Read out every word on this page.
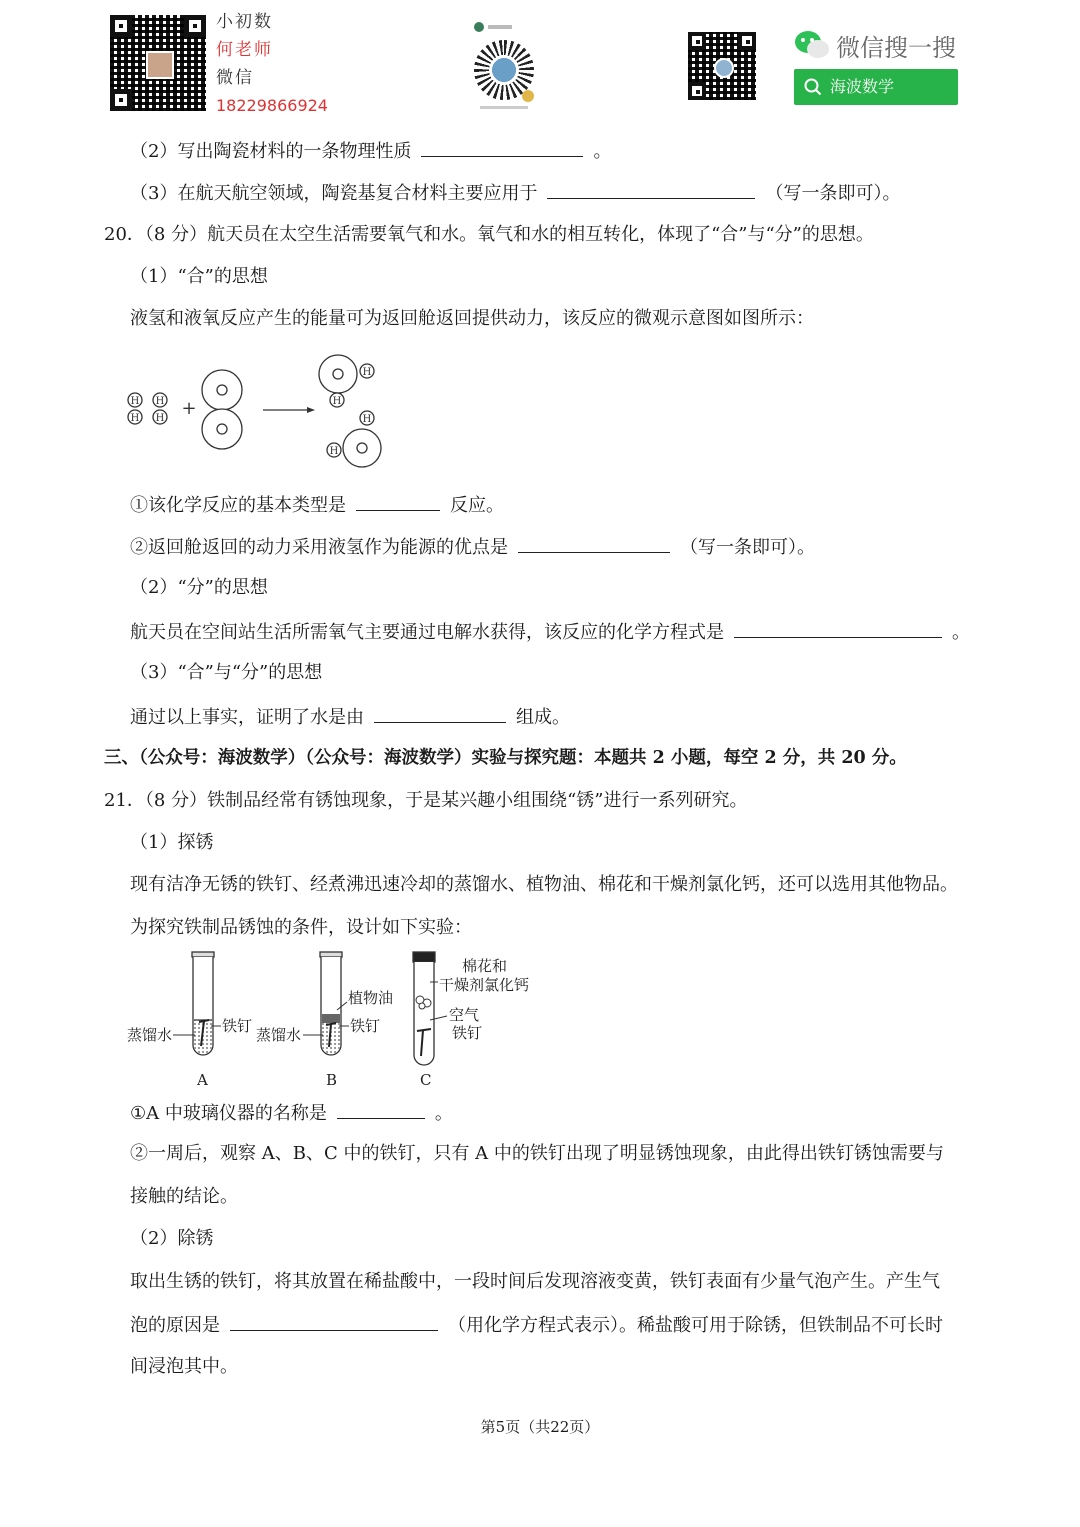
小初数
何老师
微信
18229866924
微信搜一搜
海波数学
（2）写出陶瓷材料的一条物理性质	。
（3）在航天航空领域，陶瓷基复合材料主要应用于	（写一条即可）。
20．（8 分）航天员在太空生活需要氧气和水。氧气和水的相互转化，体现了“合”与“分”的思想。
（1）“合”的思想
液氢和液氧反应产生的能量可为返回舱返回提供动力，该反应的微观示意图如图所示：
H H
H H +
H
H
H
H
①该化学反应的基本类型是	反应。
②返回舱返回的动力采用液氢作为能源的优点是	（写一条即可）。
（2）“分”的思想
航天员在空间站生活所需氧气主要通过电解水获得，该反应的化学方程式是	。
（3）“合”与“分”的思想
通过以上事实，证明了水是由	组成。
三、（公众号：海波数学）（公众号：海波数学）实验与探究题：本题共 2 小题，每空 2 分，共 20 分。
21．（8 分）铁制品经常有锈蚀现象，于是某兴趣小组围绕“锈”进行一系列研究。
（1）探锈
现有洁净无锈的铁钉、经煮沸迅速冷却的蒸馏水、植物油、棉花和干燥剂氯化钙，还可以选用其他物品。
为探究铁制品锈蚀的条件，设计如下实验：
蒸馏水	铁钉
植物油
蒸馏水	铁钉
棉花和
干燥剂氯化钙
空气
铁钉
A	B	C
①A 中玻璃仪器的名称是	。
②一周后，观察 A、B、C 中的铁钉，只有 A 中的铁钉出现了明显锈蚀现象，由此得出铁钉锈蚀需要与
接触的结论。
（2）除锈
取出生锈的铁钉，将其放置在稀盐酸中，一段时间后发现溶液变黄，铁钉表面有少量气泡产生。产生气
泡的原因是	（用化学方程式表示）。稀盐酸可用于除锈，但铁制品不可长时
间浸泡其中。
第5页（共22页）
